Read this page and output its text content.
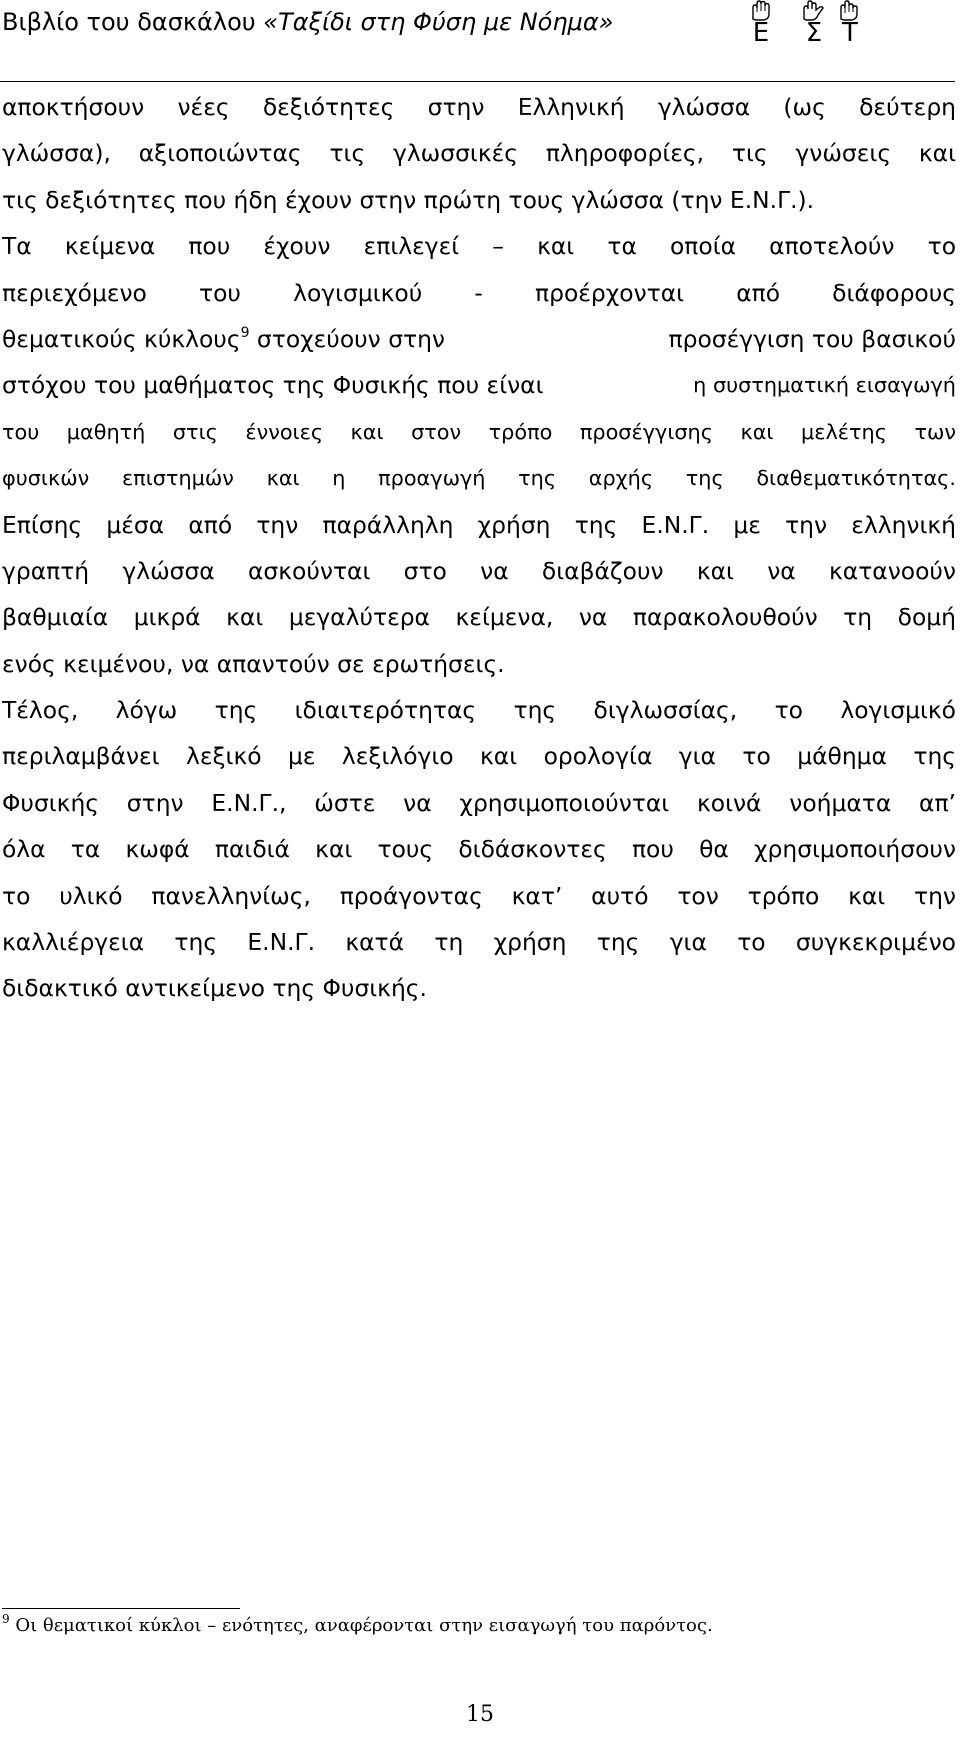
Βιβλίο του δασκάλου «Ταξίδι στη Φύση με Νόημα»	Ε	Σ Τ
αποκτήσουν νέες δεξιότητες στην Ελληνική γλώσσα (ως δεύτερη
γλώσσα), αξιοποιώντας τις γλωσσικές πληροφορίες, τις γνώσεις και
τις δεξιότητες που ήδη έχουν στην πρώτη τους γλώσσα (την Ε.Ν.Γ.).
Τα κείμενα που έχουν επιλεγεί – και τα οποία αποτελούν το
περιεχόμενο του λογισμικού - προέρχονται από διάφορους
θεματικούς κύκλους$^9$ στοχεύουν στην	προσέγγιση του βασικού
στόχου του μαθήματος της Φυσικής που είναι	η συστηματική εισαγωγή
του μαθητή στις έννοιες και στον τρόπο προσέγγισης και μελέτης των
φυσικών επιστημών και η προαγωγή της αρχής της διαθεματικότητας.
Επίσης μέσα από την παράλληλη χρήση της Ε.Ν.Γ. με την ελληνική
γραπτή γλώσσα ασκούνται στο να διαβάζουν και να κατανοούν
βαθμιαία μικρά και μεγαλύτερα κείμενα, να παρακολουθούν τη δομή
ενός κειμένου, να απαντούν σε ερωτήσεις.
Τέλος, λόγω της ιδιαιτερότητας της διγλωσσίας, το λογισμικό
περιλαμβάνει λεξικό με λεξιλόγιο και ορολογία για το μάθημα της
Φυσικής στην Ε.Ν.Γ., ώστε να χρησιμοποιούνται κοινά νοήματα απ’
όλα τα κωφά παιδιά και τους διδάσκοντες που θα χρησιμοποιήσουν
το υλικό πανελληνίως, προάγοντας κατ’ αυτό τον τρόπο και την
καλλιέργεια της Ε.Ν.Γ. κατά τη χρήση της για το συγκεκριμένο
διδακτικό αντικείμενο της Φυσικής.
$^9$ Οι θεματικοί κύκλοι – ενότητες, αναφέρονται στην εισαγωγή του παρόντος.
15
